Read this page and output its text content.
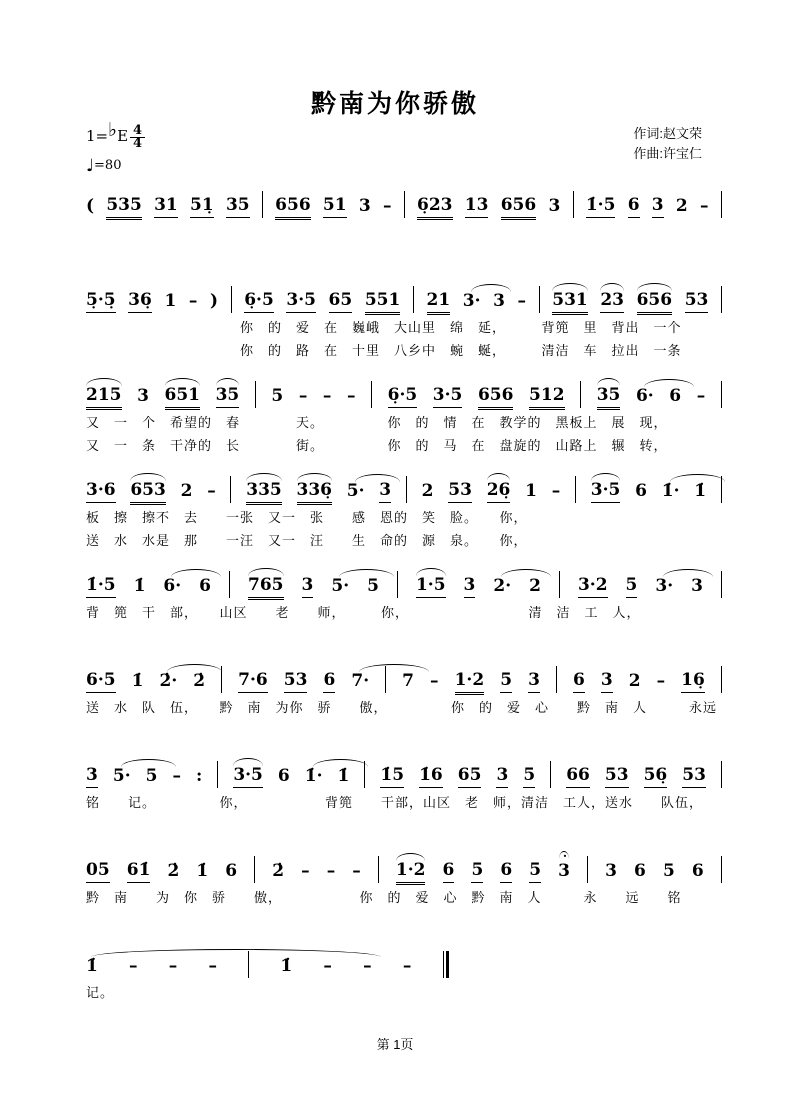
黔南为你骄傲
1=♭E $\frac{4}{4}$
♩=80
作词:赵文荣
作曲:许宝仁
( 535 31 51̣ 35 656 51 3 – 6̣23 13 656 3 1̇·5 6 3 2 –
5̣·5̣ 36̣ 1 – ) 6̣·5 3·5 65 551 21 3· 3 – 531 23 656 53
　　　　　　　　　　　你　的　爱　在　巍峨　大山里　绵　延，　　　背篼　里　背出　一个
　　　　　　　　　　　你　的　路　在　十里　八乡中　蜿　蜒，　　　清洁　车　拉出　一条
215 3 651 35 5 – – – 6̣·5 3·5 656 512 35 6· 6 –
又　一　个　希望的　春　　　　天。　　　　　你　的　情　在　教学的　黑板上　展　现，
又　一　条　干净的　长　　　　街。　　　　　你　的　马　在　盘旋的　山路上　辗　转，
3·6 653 2 – 335 336̣ 5· 3 2 53 26̣ 1 – 3·5 6 1̇· 1̇
板　擦　擦不　去　　一张　又一　张　　感　恩的　笑　脸。　　你，
送　水　水是　那　　一汪　又一　汪　　生　命的　源　泉。　　你，
1̇·5 1̇ 6· 6 765 3 5· 5 1·5 3 2· 2 3·2 5 3· 3
背　篼　干　部，　　山区　　老　　师，　　　你，　　　　　　　　　清　洁　工　人，
6·5 1̇ 2̇· 2̇ 7·6 53 6 7· 7 – 1·2 5 3 6 3 2 – 16̣
送　水　队　伍，　　黔　南　为你　骄　　傲，　　　　　你　的　爱　心　　黔　南　人　　　永远
3 5· 5 – : 3·5 6 1̇· 1̇ 1̇5 1̇6 65 3 5 66 53 56̣ 53
铭　　记。　　　　　你，　　　　　　背篼　　干部，山区　老　师，清洁　工人，送水　　队伍，
05 61̇ 2̇ 1̇ 6 2̇ – – – 1·2 6 5 6 5 3
·
3 6 5 6
黔　南　　为　你　骄　　傲，　　　　　　你　的　爱　心　黔　南　人　　　永　　远　　铭
1̇ – – –	1̇ – – –
记。
第 1页
